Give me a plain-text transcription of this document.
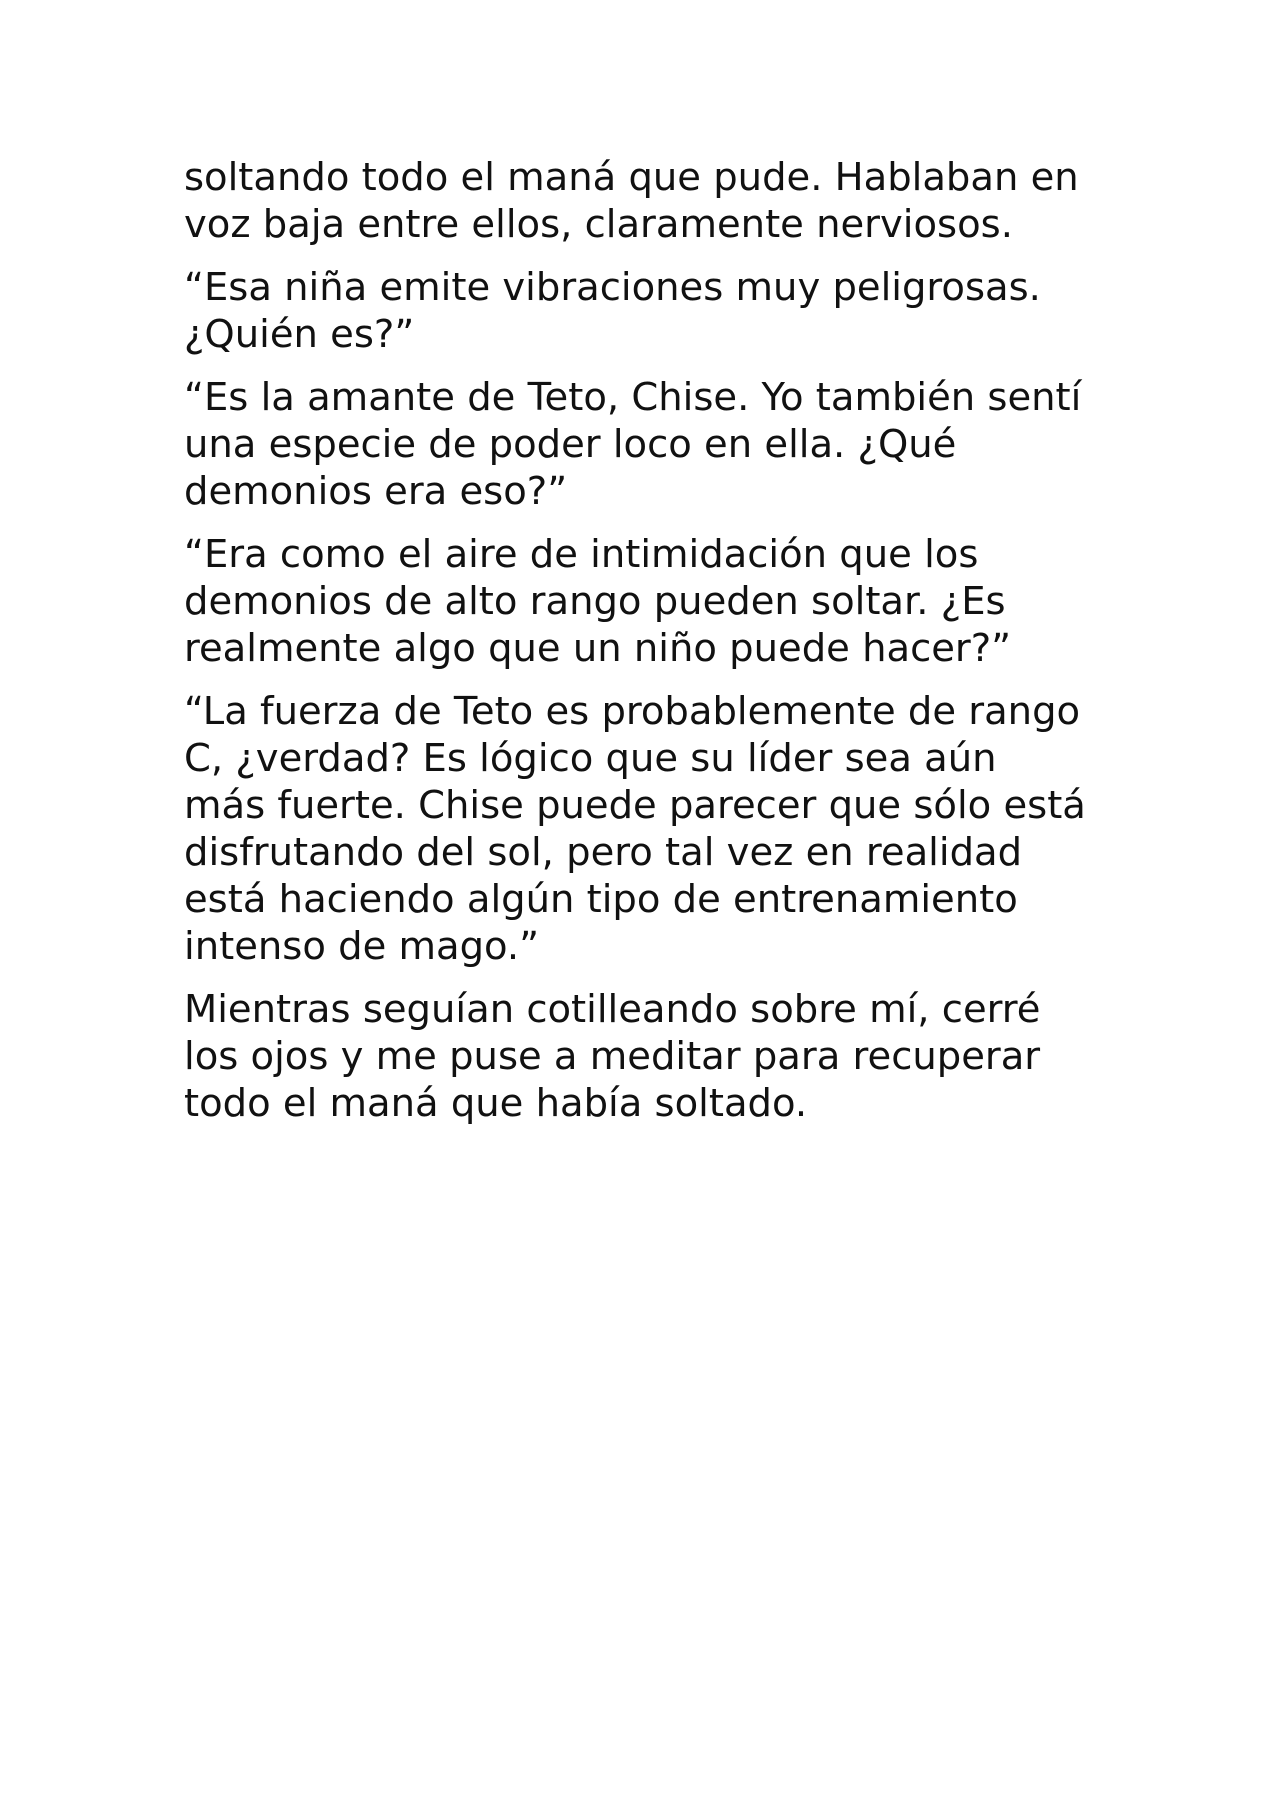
soltando todo el maná que pude. Hablaban en
voz baja entre ellos, claramente nerviosos.

“Esa niña emite vibraciones muy peligrosas.
¿Quién es?”

“Es la amante de Teto, Chise. Yo también sentí
una especie de poder loco en ella. ¿Qué
demonios era eso?”

“Era como el aire de intimidación que los
demonios de alto rango pueden soltar. ¿Es
realmente algo que un niño puede hacer?”

“La fuerza de Teto es probablemente de rango
C, ¿verdad? Es lógico que su líder sea aún
más fuerte. Chise puede parecer que sólo está
disfrutando del sol, pero tal vez en realidad
está haciendo algún tipo de entrenamiento
intenso de mago.”

Mientras seguían cotilleando sobre mí, cerré
los ojos y me puse a meditar para recuperar
todo el maná que había soltado.
